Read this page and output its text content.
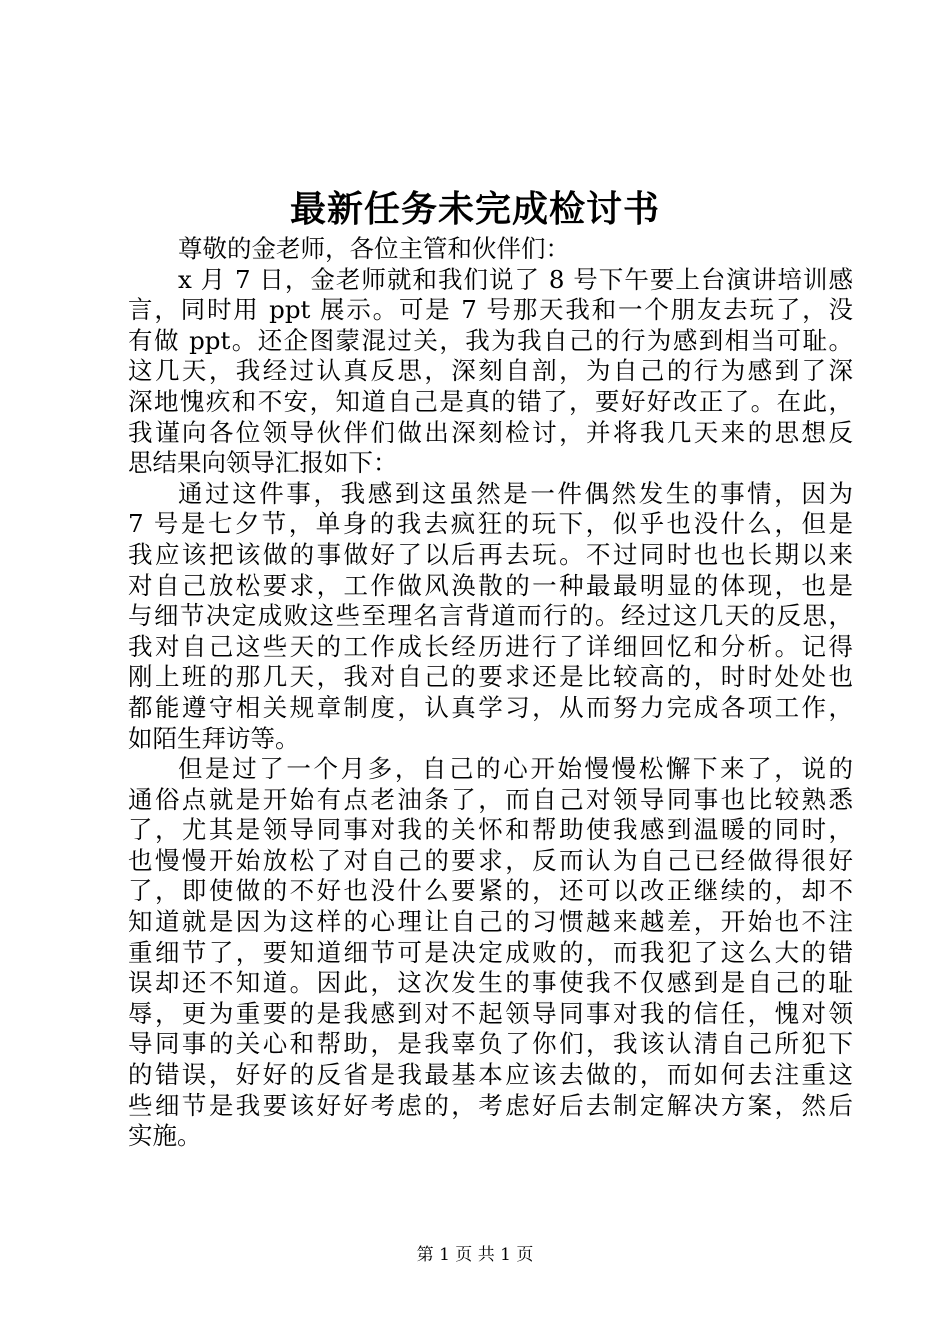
最新任务未完成检讨书
尊敬的金老师，各位主管和伙伴们：
x 月 7 日，金老师就和我们说了 8 号下午要上台演讲培训感
言，同时用 ppt 展示。可是 7 号那天我和一个朋友去玩了，没
有做 ppt。还企图蒙混过关，我为我自己的行为感到相当可耻。
这几天，我经过认真反思，深刻自剖，为自己的行为感到了深
深地愧疚和不安，知道自己是真的错了，要好好改正了。在此，
我谨向各位领导伙伴们做出深刻检讨，并将我几天来的思想反
思结果向领导汇报如下：
通过这件事，我感到这虽然是一件偶然发生的事情，因为
7 号是七夕节，单身的我去疯狂的玩下，似乎也没什么，但是
我应该把该做的事做好了以后再去玩。不过同时也也长期以来
对自己放松要求，工作做风涣散的一种最最明显的体现，也是
与细节决定成败这些至理名言背道而行的。经过这几天的反思，
我对自己这些天的工作成长经历进行了详细回忆和分析。记得
刚上班的那几天，我对自己的要求还是比较高的，时时处处也
都能遵守相关规章制度，认真学习，从而努力完成各项工作，
如陌生拜访等。
但是过了一个月多，自己的心开始慢慢松懈下来了，说的
通俗点就是开始有点老油条了，而自己对领导同事也比较熟悉
了，尤其是领导同事对我的关怀和帮助使我感到温暖的同时，
也慢慢开始放松了对自己的要求，反而认为自己已经做得很好
了，即使做的不好也没什么要紧的，还可以改正继续的，却不
知道就是因为这样的心理让自己的习惯越来越差，开始也不注
重细节了，要知道细节可是决定成败的，而我犯了这么大的错
误却还不知道。因此，这次发生的事使我不仅感到是自己的耻
辱，更为重要的是我感到对不起领导同事对我的信任，愧对领
导同事的关心和帮助，是我辜负了你们，我该认清自己所犯下
的错误，好好的反省是我最基本应该去做的，而如何去注重这
些细节是我要该好好考虑的，考虑好后去制定解决方案，然后
实施。
第 1 页 共 1 页
